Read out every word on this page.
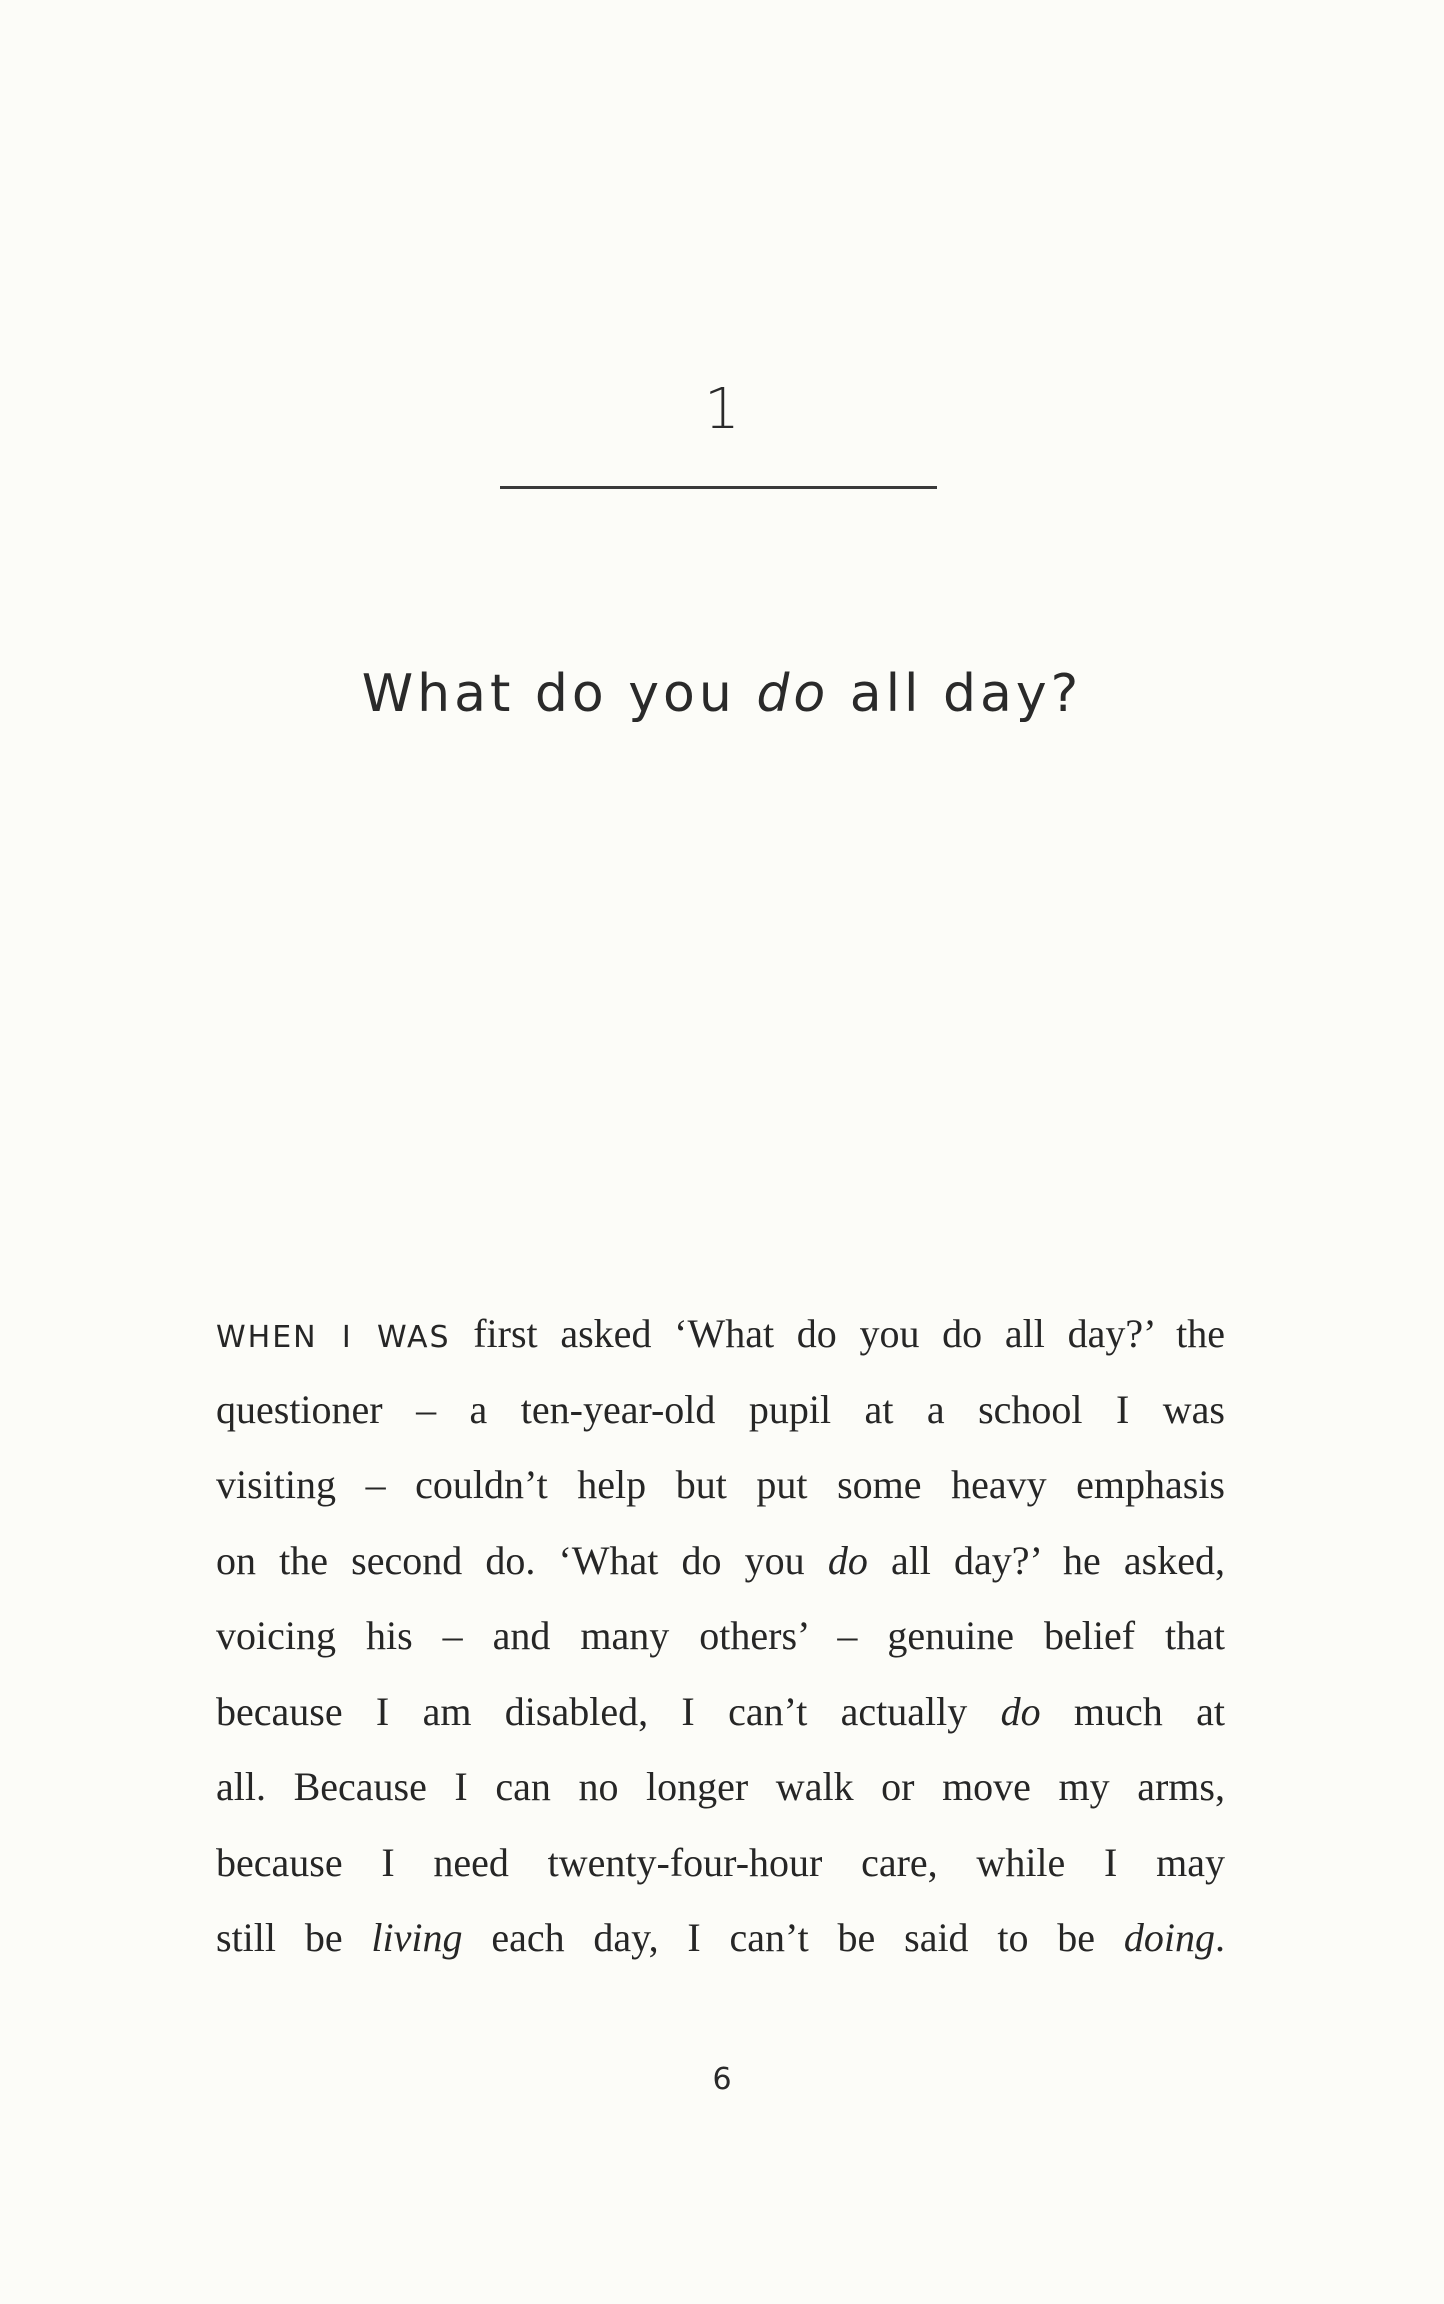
1
What do you do all day?
WHEN I WAS first asked ‘What do you do all day?’ the
questioner – a ten-year-old pupil at a school I was
visiting – couldn’t help but put some heavy emphasis
on the second do. ‘What do you do all day?’ he asked,
voicing his – and many others’ – genuine belief that
because I am disabled, I can’t actually do much at
all. Because I can no longer walk or move my arms,
because I need twenty-four-hour care, while I may
still be living each day, I can’t be said to be doing.
6
